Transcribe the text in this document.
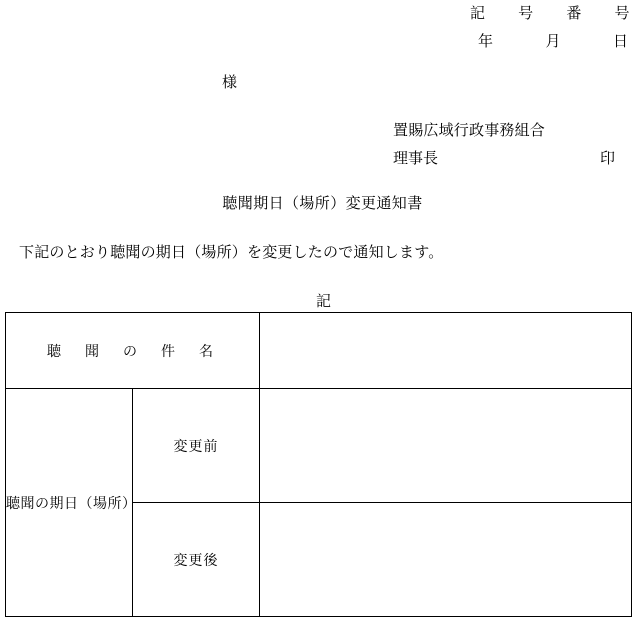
記 号 番 号
年	月	日
様
置賜広域行政事務組合
理事長	印
聴聞期日（場所）変更通知書
下記のとおり聴聞の期日（場所）を変更したので通知します。
記
聴　聞　の　件　名		
聴聞の期日（場所）	変更前	
	変更後	
